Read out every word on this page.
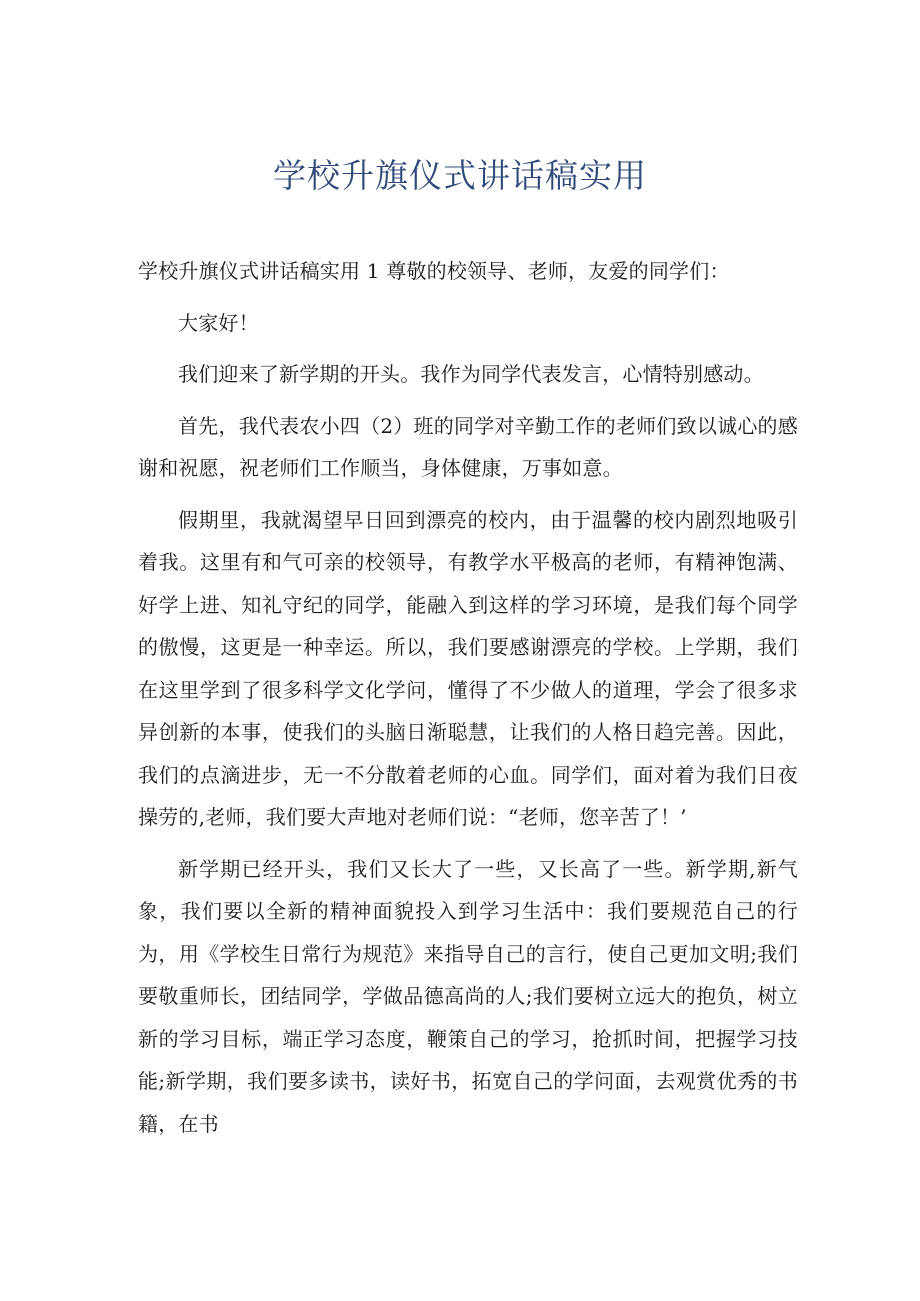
学校升旗仪式讲话稿实用

学校升旗仪式讲话稿实用 1 尊敬的校领导、老师，友爱的同学们：

大家好！

我们迎来了新学期的开头。我作为同学代表发言，心情特别感动。

首先，我代表农小四（2）班的同学对辛勤工作的老师们致以诚心的感谢和祝愿，祝老师们工作顺当，身体健康，万事如意。

假期里，我就渴望早日回到漂亮的校内，由于温馨的校内剧烈地吸引着我。这里有和气可亲的校领导，有教学水平极高的老师，有精神饱满、好学上进、知礼守纪的同学，能融入到这样的学习环境，是我们每个同学的傲慢，这更是一种幸运。所以，我们要感谢漂亮的学校。上学期，我们在这里学到了很多科学文化学问，懂得了不少做人的道理，学会了很多求异创新的本事，使我们的头脑日渐聪慧，让我们的人格日趋完善。因此，我们的点滴进步，无一不分散着老师的心血。同学们，面对着为我们日夜操劳的,老师，我们要大声地对老师们说：“老师，您辛苦了！’

新学期已经开头，我们又长大了一些，又长高了一些。新学期,新气象，我们要以全新的精神面貌投入到学习生活中：我们要规范自己的行为，用《学校生日常行为规范》来指导自己的言行，使自己更加文明;我们要敬重师长，团结同学，学做品德高尚的人;我们要树立远大的抱负，树立新的学习目标，端正学习态度，鞭策自己的学习，抢抓时间，把握学习技能;新学期，我们要多读书，读好书，拓宽自己的学问面，去观赏优秀的书籍，在书
